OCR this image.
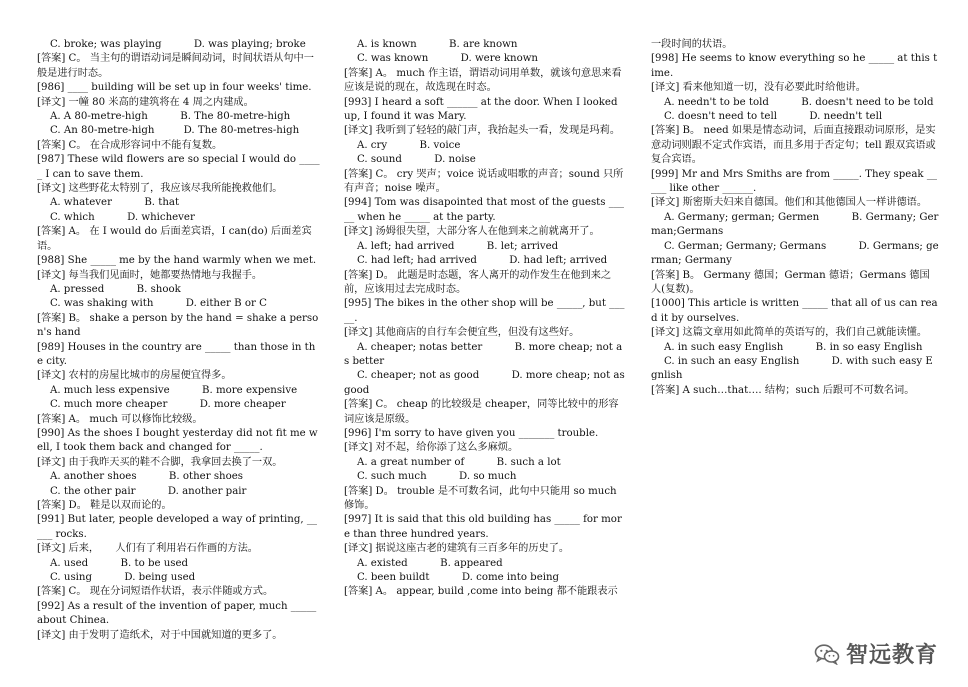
C. broke; was playing          D. was playing; broke
[答案] C。 当主句的谓语动词是瞬间动词，时间状语从句中一般是进行时态。
[986] ____ building will be set up in four weeks' time.
[译文] 一幢 80 米高的建筑将在 4 周之内建成。
A. A 80-metre-high          B. The 80-metre-high
C. An 80-metre-high         D. The 80-metres-high
[答案] C。 在合成形容词中不能有复数。
[987] These wild flowers are so special I would do _____ I can to save them.
[译文] 这些野花太特别了，我应该尽我所能挽救他们。
A. whatever          B. that
C. which          D. whichever
[答案] A。 在 I would do 后面差宾语，I can(do) 后面差宾语。
[988] She _____ me by the hand warmly when we met.
[译文] 每当我们见面时，她都要热情地与我握手。
A. pressed          B. shook
C. was shaking with          D. either B or C
[答案] B。 shake a person by the hand = shake a person's hand
[989] Houses in the country are _____ than those in the city.
[译文] 农村的房屋比城市的房屋便宜得多。
A. much less expensive          B. more expensive
C. much more cheaper          D. more cheaper
[答案] A。 much 可以修饰比较级。
[990] As the shoes I bought yesterday did not fit me well, I took them back and changed for _____.
[译文] 由于我昨天买的鞋不合脚，我拿回去换了一双。
A. another shoes          B. other shoes
C. the other pair          D. another pair
[答案] D。 鞋是以双而论的。
[991] But later, people developed a way of printing, _____ rocks.
[译文] 后来，     人们有了利用岩石作画的方法。
A. used          B. to be used
C. using          D. being used
[答案] C。 现在分词短语作状语，表示伴随或方式。
[992] As a result of the invention of paper, much _____ about Chinea.
[译文] 由于发明了造纸术，对于中国就知道的更多了。
A. is known          B. are known
C. was known          D. were known
[答案] A。 much 作主语，谓语动词用单数，就该句意思来看应该是说的现在，故选现在时态。
[993] I heard a soft ______ at the door. When I looked up, I found it was Mary.
[译文] 我听到了轻轻的敲门声，我抬起头一看，发现是玛莉。
A. cry          B. voice
C. sound          D. noise
[答案] C。 cry 哭声；voice 说话或唱歌的声音；sound 只所有声音；noise 噪声。
[994] Tom was disapointed that most of the guests _____ when he _____ at the party.
[译文] 汤姆很失望，大部分客人在他到来之前就离开了。
A. left; had arrived          B. let; arrived
C. had left; had arrived          D. had left; arrived
[答案] D。 此题是时态题，客人离开的动作发生在他到来之前，应该用过去完成时态。
[995] The bikes in the other shop will be _____, but _____.
[译文] 其他商店的自行车会便宜些，但没有这些好。
A. cheaper; notas better          B. more cheap; not as better
C. cheaper; not as good          D. more cheap; not as good
[答案] C。 cheap 的比较级是 cheaper，同等比较中的形容词应该是原级。
[996] I'm sorry to have given you _______ trouble.
[译文] 对不起，给你添了这么多麻烦。
A. a great number of          B. such a lot
C. such much          D. so much
[答案] D。 trouble 是不可数名词，此句中只能用 so much 修饰。
[997] It is said that this old building has _____ for more than three hundred years.
[译文] 据说这座古老的建筑有三百多年的历史了。
A. existed          B. appeared
C. been buildt          D. come into being
[答案] A。 appear, build ,come into being 都不能跟表示
一段时间的状语。
[998] He seems to know everything so he _____ at this time.
[译文] 看来他知道一切，没有必要此时给他讲。
A. needn't to be told          B. doesn't need to be told
C. doesn't need to tell          D. needn't tell
[答案] B。 need 如果是情态动词，后面直接跟动词原形，是实意动词则跟不定式作宾语，而且多用于否定句；tell 跟双宾语或复合宾语。
[999] Mr and Mrs Smiths are from _____. They speak _____ like other ______.
[译文] 斯密斯夫妇来自德国。他们和其他德国人一样讲德语。
A. Germany; german; Germen          B. Germany; German;Germans
C. German; Germany; Germans          D. Germans; german; Germany
[答案] B。 Germany 德国；German 德语；Germans 德国人(复数)。
[1000] This article is written _____ that all of us can read it by ourselves.
[译文] 这篇文章用如此简单的英语写的，我们自己就能读懂。
A. in such easy English          B. in so easy English
C. in such an easy English          D. with such easy Egnlish
[答案] A such…that…. 结构；such 后跟可不可数名词。
智远教育
